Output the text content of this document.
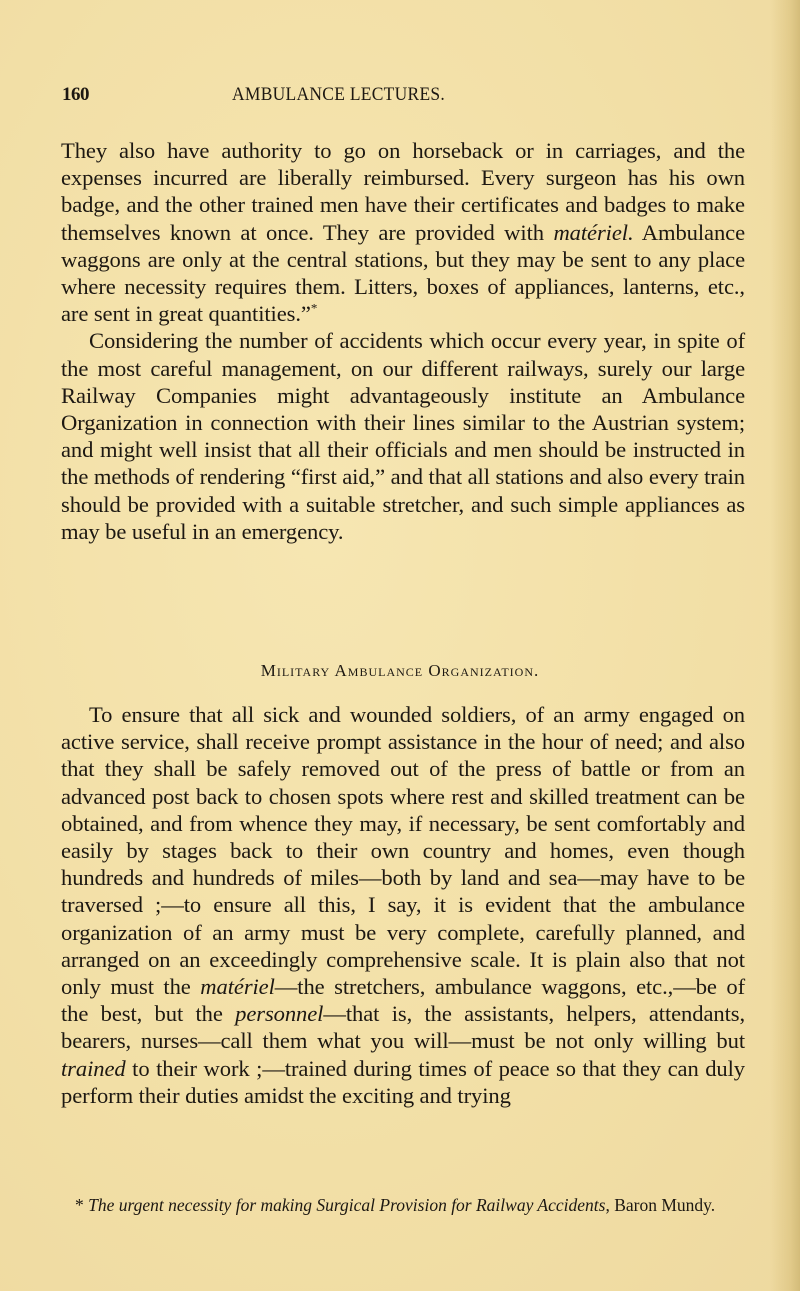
160	AMBULANCE LECTURES.

They also have authority to go on horseback or in carriages, and the expenses incurred are liberally reimbursed. Every surgeon has his own badge, and the other trained men have their certificates and badges to make themselves known at once. They are provided with matériel. Ambulance waggons are only at the central stations, but they may be sent to any place where necessity requires them. Litters, boxes of appliances, lanterns, etc., are sent in great quantities.”*

Considering the number of accidents which occur every year, in spite of the most careful management, on our different railways, surely our large Railway Companies might advantageously institute an Ambulance Organization in connection with their lines similar to the Austrian system; and might well insist that all their officials and men should be instructed in the methods of rendering “first aid,” and that all stations and also every train should be provided with a suitable stretcher, and such simple appliances as may be useful in an emergency.

Military Ambulance Organization.

To ensure that all sick and wounded soldiers, of an army engaged on active service, shall receive prompt assistance in the hour of need; and also that they shall be safely removed out of the press of battle or from an advanced post back to chosen spots where rest and skilled treatment can be obtained, and from whence they may, if necessary, be sent comfortably and easily by stages back to their own country and homes, even though hundreds and hundreds of miles—both by land and sea—may have to be traversed ;—to ensure all this, I say, it is evident that the ambulance organization of an army must be very complete, carefully planned, and arranged on an exceedingly comprehensive scale. It is plain also that not only must the matériel—the stretchers, ambulance waggons, etc.,—be of the best, but the personnel—that is, the assistants, helpers, attendants, bearers, nurses—call them what you will—must be not only willing but trained to their work ;—trained during times of peace so that they can duly perform their duties amidst the exciting and trying

* The urgent necessity for making Surgical Provision for Railway Accidents, Baron Mundy.
